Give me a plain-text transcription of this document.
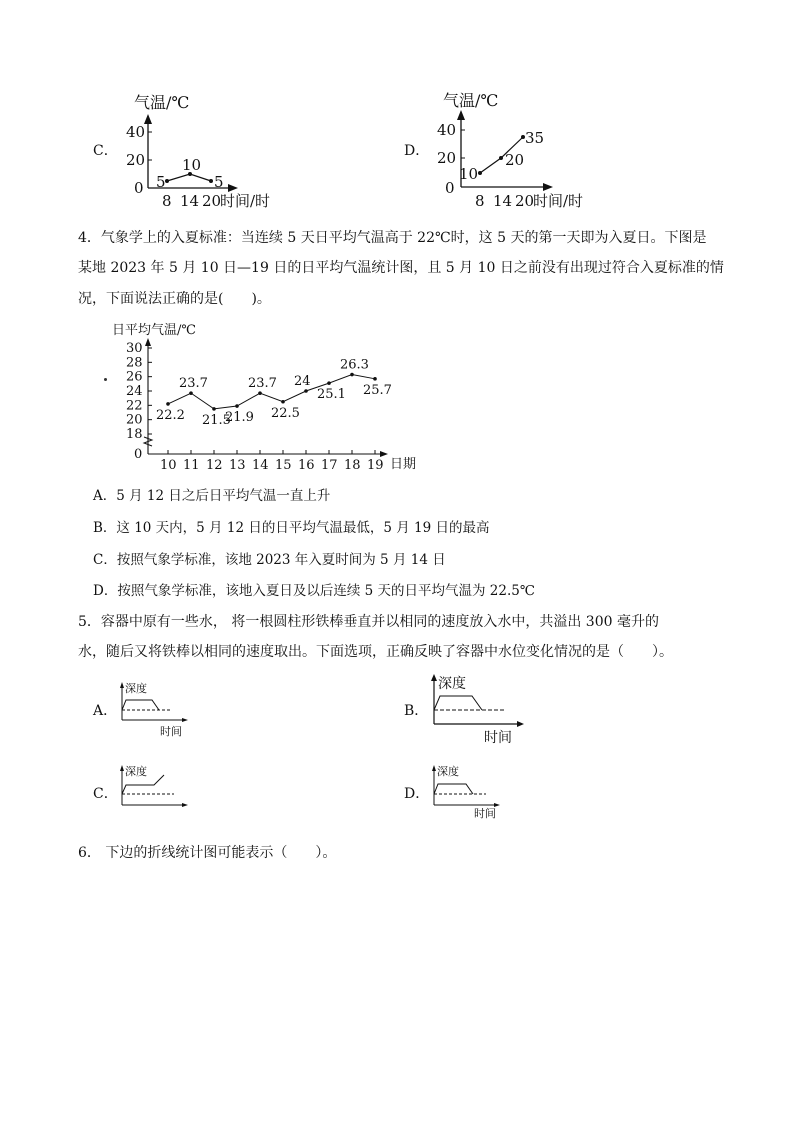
C．
气温/℃
40
20
0 5
10
5
8 14 20
时间/时
D．
气温/℃
40
20
0
10
20
35
8 14 20
时间/时
4．气象学上的入夏标准：当连续 5 天日平均气温高于 22℃时，这 5 天的第一天即为入夏日。下图是
某地 2023 年 5 月 10 日—19 日的日平均气温统计图，且 5 月 10 日之前没有出现过符合入夏标准的情
况，下面说法正确的是(　　)。
日平均气温/℃
30
28
26
24
22
20
18
0
10 11 12 13 14 15 16 17 18 19
22.2
23.7
21.5
21.9
23.7
22.5
24
25.1
26.3
25.7
日期
A．5 月 12 日之后日平均气温一直上升
B．这 10 天内，5 月 12 日的日平均气温最低，5 月 19 日的最高
C．按照气象学标准，该地 2023 年入夏时间为 5 月 14 日
D．按照气象学标准，该地入夏日及以后连续 5 天的日平均气温为 22.5℃
5．容器中原有一些水， 将一根圆柱形铁棒垂直并以相同的速度放入水中，共溢出 300 毫升的
水，随后又将铁棒以相同的速度取出。下面选项，正确反映了容器中水位变化情况的是（　　）。
A．
深度
时间
B．
深度
时间
C．
深度
D．
深度
时间
6． 下边的折线统计图可能表示（　　）。
